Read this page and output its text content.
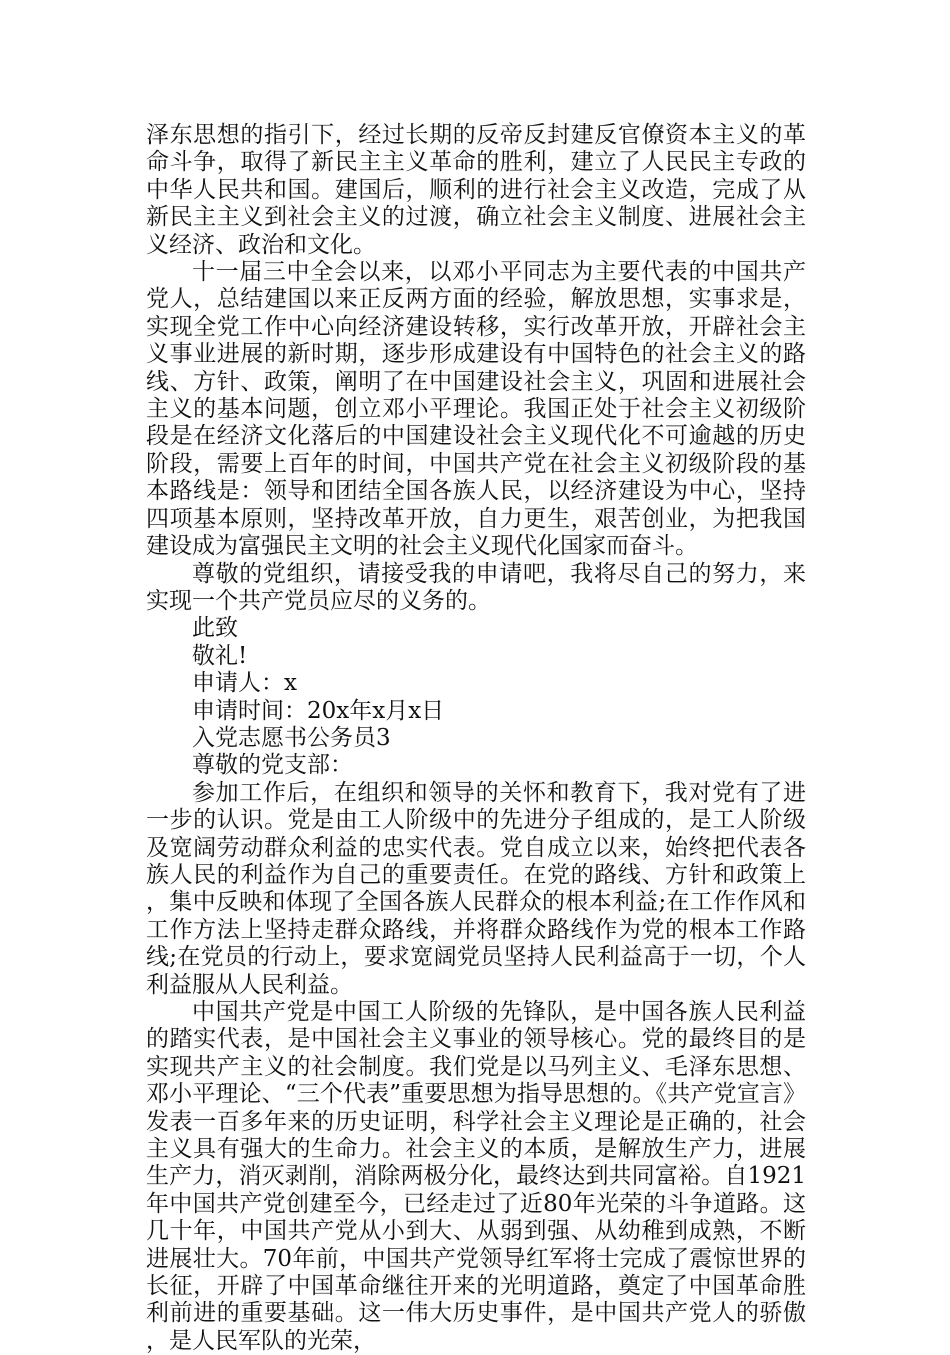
泽东思想的指引下，经过长期的反帝反封建反官僚资本主义的革命斗争，取得了新民主主义革命的胜利，建立了人民民主专政的中华人民共和国。建国后，顺利的进行社会主义改造，完成了从新民主主义到社会主义的过渡，确立社会主义制度、进展社会主义经济、政治和文化。

十一届三中全会以来，以邓小平同志为主要代表的中国共产党人，总结建国以来正反两方面的经验，解放思想，实事求是，实现全党工作中心向经济建设转移，实行改革开放，开辟社会主义事业进展的新时期，逐步形成建设有中国特色的社会主义的路线、方针、政策，阐明了在中国建设社会主义，巩固和进展社会主义的基本问题，创立邓小平理论。我国正处于社会主义初级阶段是在经济文化落后的中国建设社会主义现代化不可逾越的历史阶段，需要上百年的时间，中国共产党在社会主义初级阶段的基本路线是：领导和团结全国各族人民，以经济建设为中心，坚持四项基本原则，坚持改革开放，自力更生，艰苦创业，为把我国建设成为富强民主文明的社会主义现代化国家而奋斗。

尊敬的党组织，请接受我的申请吧，我将尽自己的努力，来实现一个共产党员应尽的义务的。

此致

敬礼!

申请人：x

申请时间：20x年x月x日

入党志愿书公务员3

尊敬的党支部：

参加工作后，在组织和领导的关怀和教育下，我对党有了进一步的认识。党是由工人阶级中的先进分子组成的，是工人阶级及宽阔劳动群众利益的忠实代表。党自成立以来，始终把代表各族人民的利益作为自己的重要责任。在党的路线、方针和政策上，集中反映和体现了全国各族人民群众的根本利益;在工作作风和工作方法上坚持走群众路线，并将群众路线作为党的根本工作路线;在党员的行动上，要求宽阔党员坚持人民利益高于一切，个人利益服从人民利益。

中国共产党是中国工人阶级的先锋队，是中国各族人民利益的踏实代表，是中国社会主义事业的领导核心。党的最终目的是实现共产主义的社会制度。我们党是以马列主义、毛泽东思想、邓小平理论、“三个代表”重要思想为指导思想的。《共产党宣言》发表一百多年来的历史证明，科学社会主义理论是正确的，社会主义具有强大的生命力。社会主义的本质，是解放生产力，进展生产力，消灭剥削，消除两极分化，最终达到共同富裕。自1921年中国共产党创建至今，已经走过了近80年光荣的斗争道路。这几十年，中国共产党从小到大、从弱到强、从幼稚到成熟，不断进展壮大。70年前，中国共产党领导红军将士完成了震惊世界的长征，开辟了中国革命继往开来的光明道路，奠定了中国革命胜利前进的重要基础。这一伟大历史事件，是中国共产党人的骄傲，是人民军队的光荣，
